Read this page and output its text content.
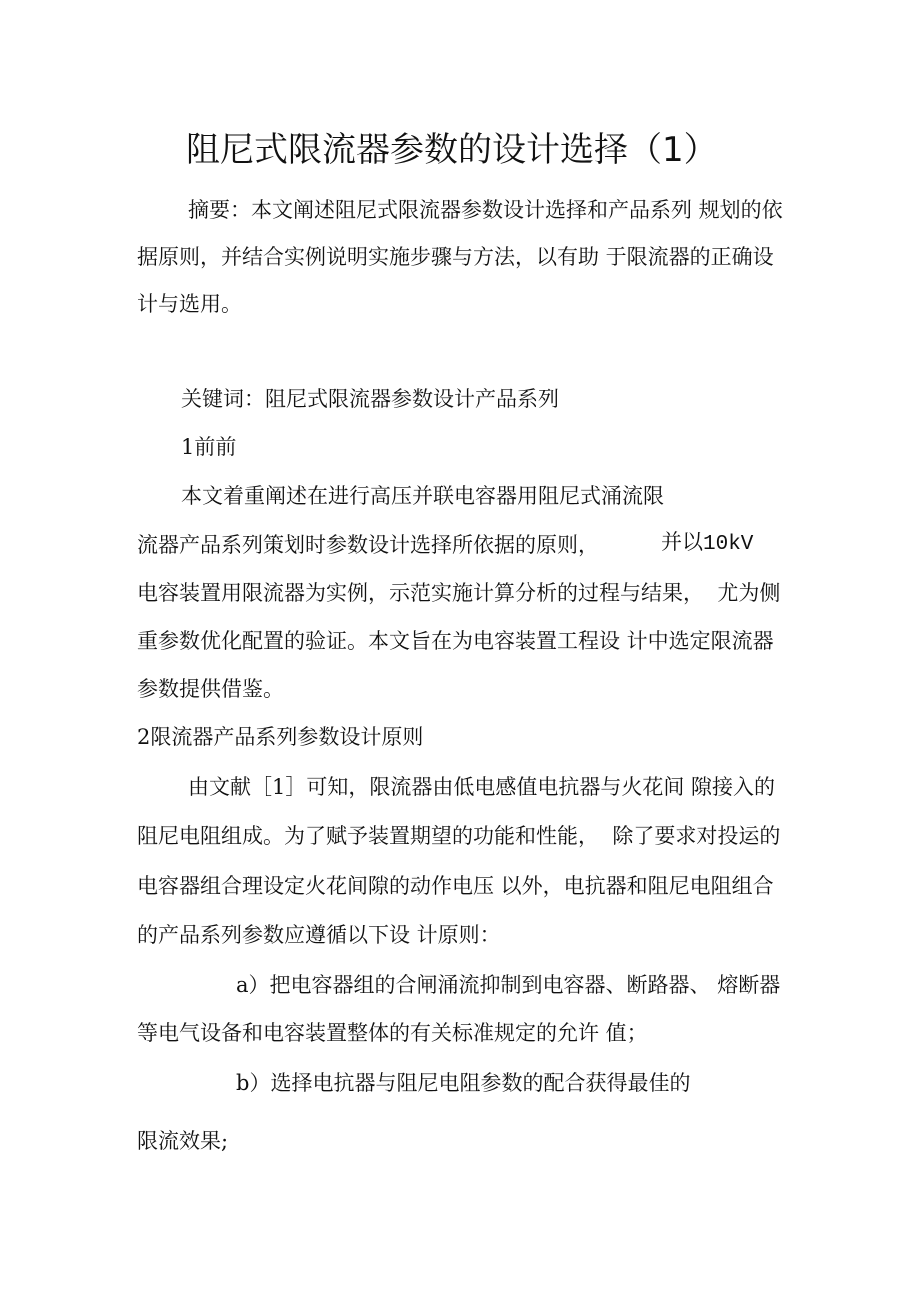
阻尼式限流器参数的设计选择（1）
摘要：本文阐述阻尼式限流器参数设计选择和产品系列 规划的依
据原则，并结合实例说明实施步骤与方法，以有助 于限流器的正确设
计与选用。
关键词：阻尼式限流器参数设计产品系列
1前前
本文着重阐述在进行高压并联电容器用阻尼式涌流限
流器产品系列策划时参数设计选择所依据的原则，	并以10kV
电容装置用限流器为实例，示范实施计算分析的过程与结果，  尤为侧
重参数优化配置的验证。本文旨在为电容装置工程设 计中选定限流器
参数提供借鉴。
2限流器产品系列参数设计原则
由文献［1］可知，限流器由低电感值电抗器与火花间 隙接入的
阻尼电阻组成。为了赋予装置期望的功能和性能，  除了要求对投运的
电容器组合理设定火花间隙的动作电压 以外，电抗器和阻尼电阻组合
的产品系列参数应遵循以下设 计原则：
a）把电容器组的合闸涌流抑制到电容器、断路器、 熔断器
等电气设备和电容装置整体的有关标准规定的允许 值；
b）选择电抗器与阻尼电阻参数的配合获得最佳的
限流效果;
